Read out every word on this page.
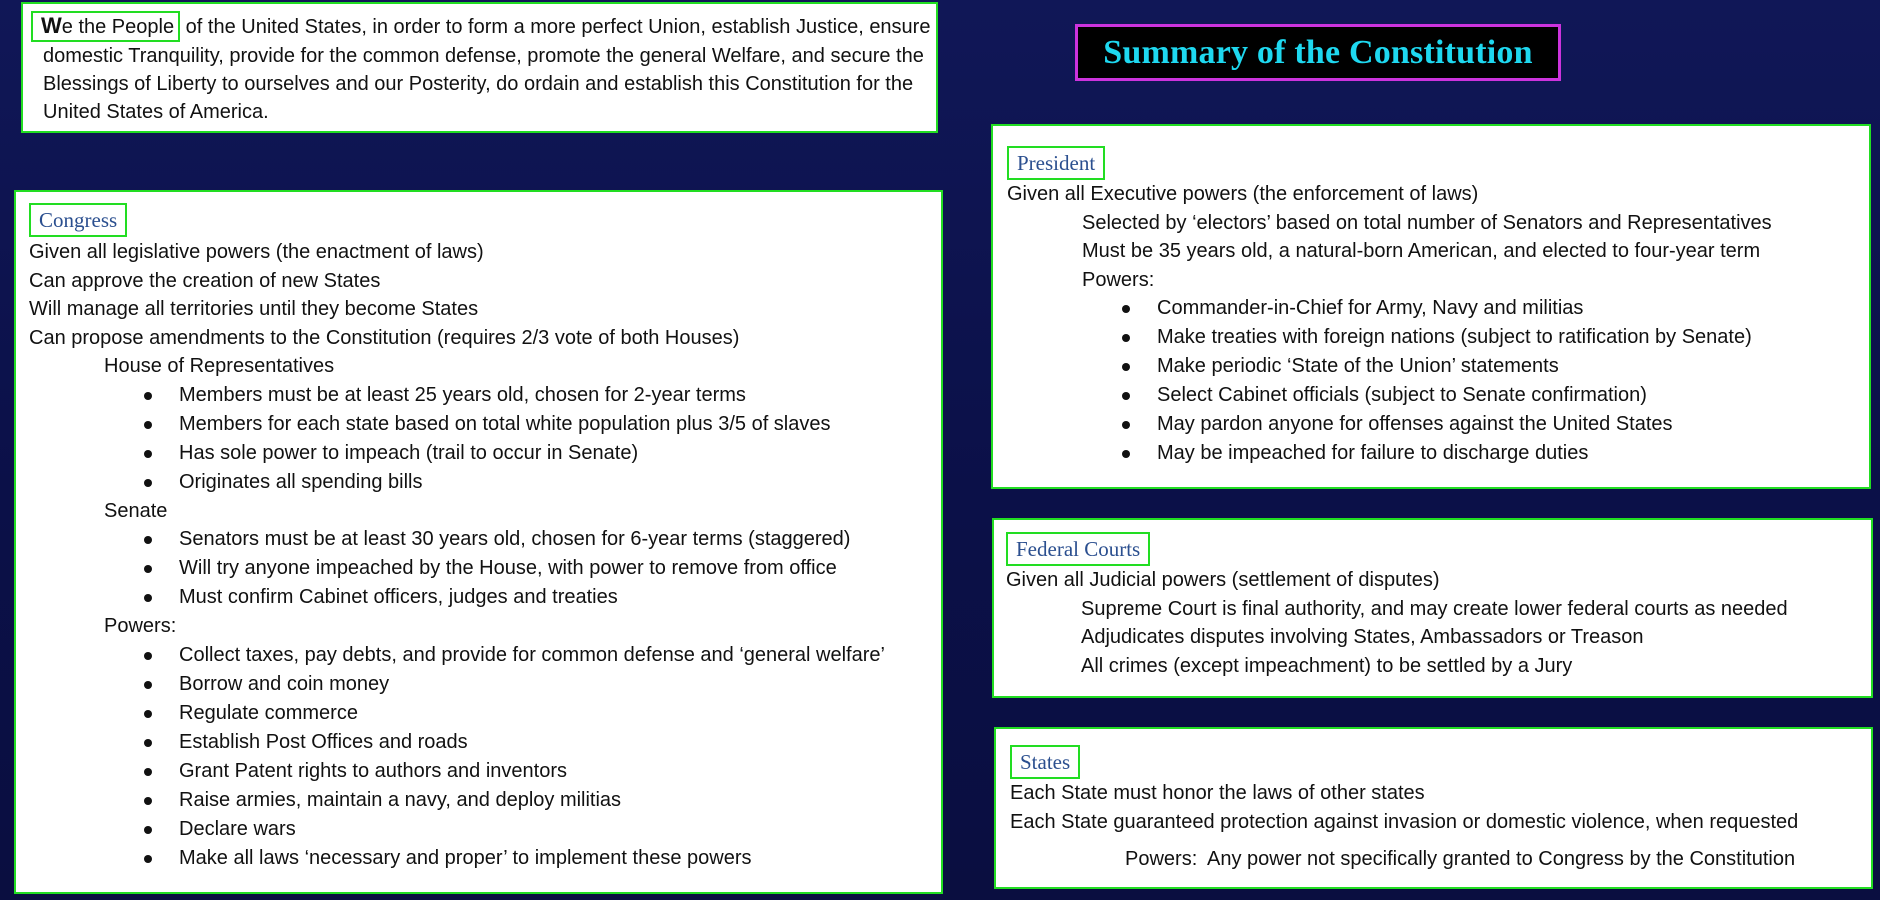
We the People of the United States, in order to form a more perfect Union, establish Justice, ensure domestic Tranquility, provide for the common defense, promote the general Welfare, and secure the Blessings of Liberty to ourselves and our Posterity, do ordain and establish this Constitution for the United States of America.
Summary of the Constitution
Congress
Given all legislative powers (the enactment of laws)
Can approve the creation of new States
Will manage all territories until they become States
Can propose amendments to the Constitution (requires 2/3 vote of both Houses)
House of Representatives
Members must be at least 25 years old, chosen for 2-year terms
Members for each state based on total white population plus 3/5 of slaves
Has sole power to impeach (trail to occur in Senate)
Originates all spending bills
Senate
Senators must be at least 30 years old, chosen for 6-year terms (staggered)
Will try anyone impeached by the House, with power to remove from office
Must confirm Cabinet officers, judges and treaties
Powers:
Collect taxes, pay debts, and provide for common defense and ‘general welfare’
Borrow and coin money
Regulate commerce
Establish Post Offices and roads
Grant Patent rights to authors and inventors
Raise armies, maintain a navy, and deploy militias
Declare wars
Make all laws ‘necessary and proper’ to implement these powers
President
Given all Executive powers (the enforcement of laws)
Selected by ‘electors’ based on total number of Senators and Representatives
Must be 35 years old, a natural-born American, and elected to four-year term
Powers:
Commander-in-Chief for Army, Navy and militias
Make treaties with foreign nations (subject to ratification by Senate)
Make periodic ‘State of the Union’ statements
Select Cabinet officials (subject to Senate confirmation)
May pardon anyone for offenses against the United States
May be impeached for failure to discharge duties
Federal Courts
Given all Judicial powers (settlement of disputes)
Supreme Court is final authority, and may create lower federal courts as needed
Adjudicates disputes involving States, Ambassadors or Treason
All crimes (except impeachment) to be settled by a Jury
States
Each State must honor the laws of other states
Each State guaranteed protection against invasion or domestic violence, when requested
Powers: Any power not specifically granted to Congress by the Constitution
